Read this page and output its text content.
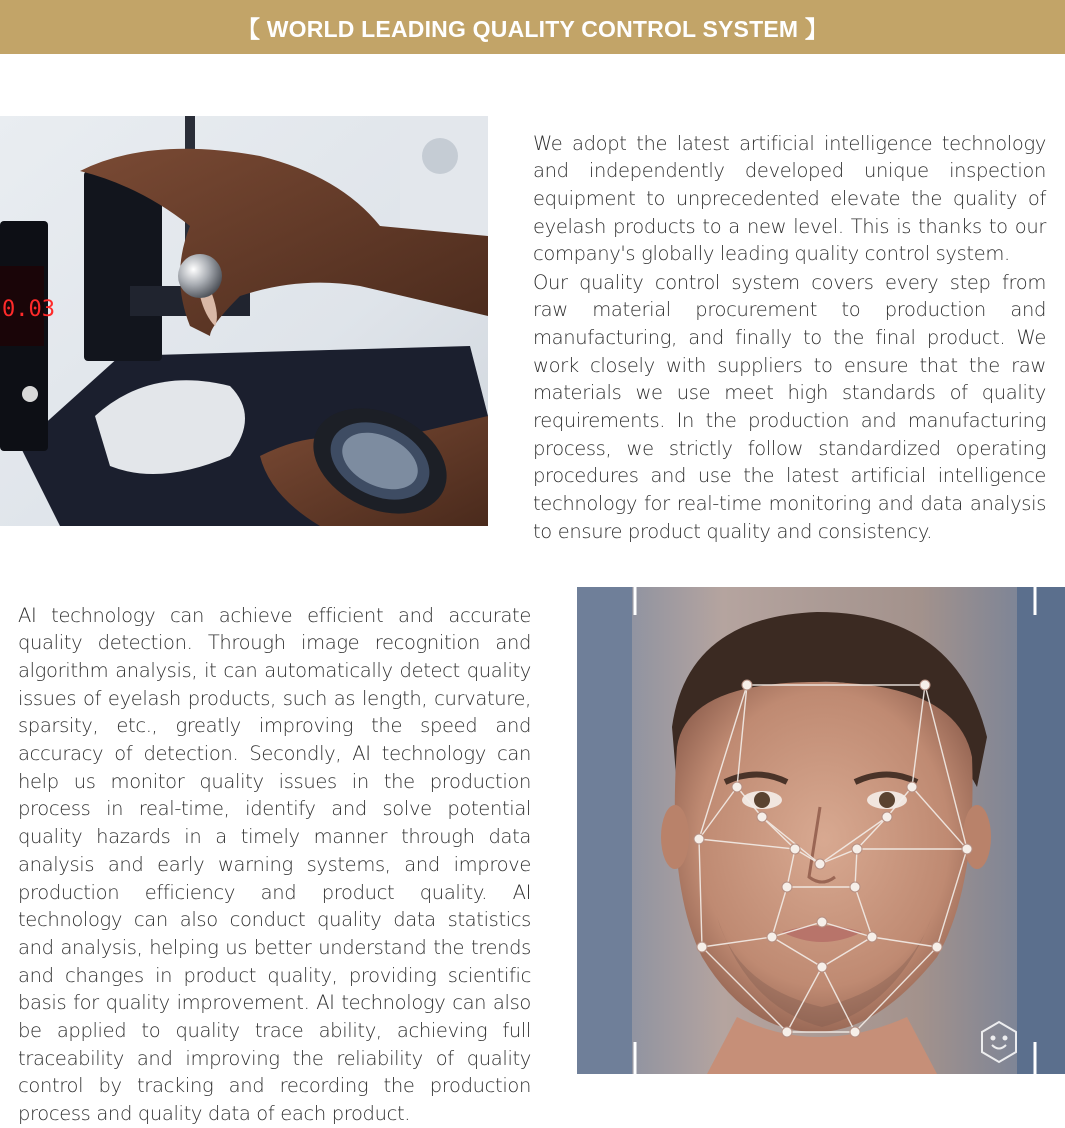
【 WORLD LEADING QUALITY CONTROL SYSTEM 】
0.03

We adopt the latest artificial intelligence technology and independently developed unique inspection equipment to unprecedented elevate the quality of eyelash products to a new level. This is thanks to our company's globally leading quality control system.

Our quality control system covers every step from raw material procurement to production and manufacturing, and finally to the final product. We work closely with suppliers to ensure that the raw materials we use meet high standards of quality requirements. In the production and manufacturing process, we strictly follow standardized operating procedures and use the latest artificial intelligence technology for real-time monitoring and data analysis to ensure product quality and consistency.

AI technology can achieve efficient and accurate quality detection. Through image recognition and algorithm analysis, it can automatically detect quality issues of eyelash products, such as length, curvature, sparsity, etc., greatly improving the speed and accuracy of detection. Secondly, AI technology can help us monitor quality issues in the production process in real-time, identify and solve potential quality hazards in a timely manner through data analysis and early warning systems, and improve production efficiency and product quality. AI technology can also conduct quality data statistics and analysis, helping us better understand the trends and changes in product quality, providing scientific basis for quality improvement. AI technology can also be applied to quality trace ability, achieving full traceability and improving the reliability of quality control by tracking and recording the production process and quality data of each product.
